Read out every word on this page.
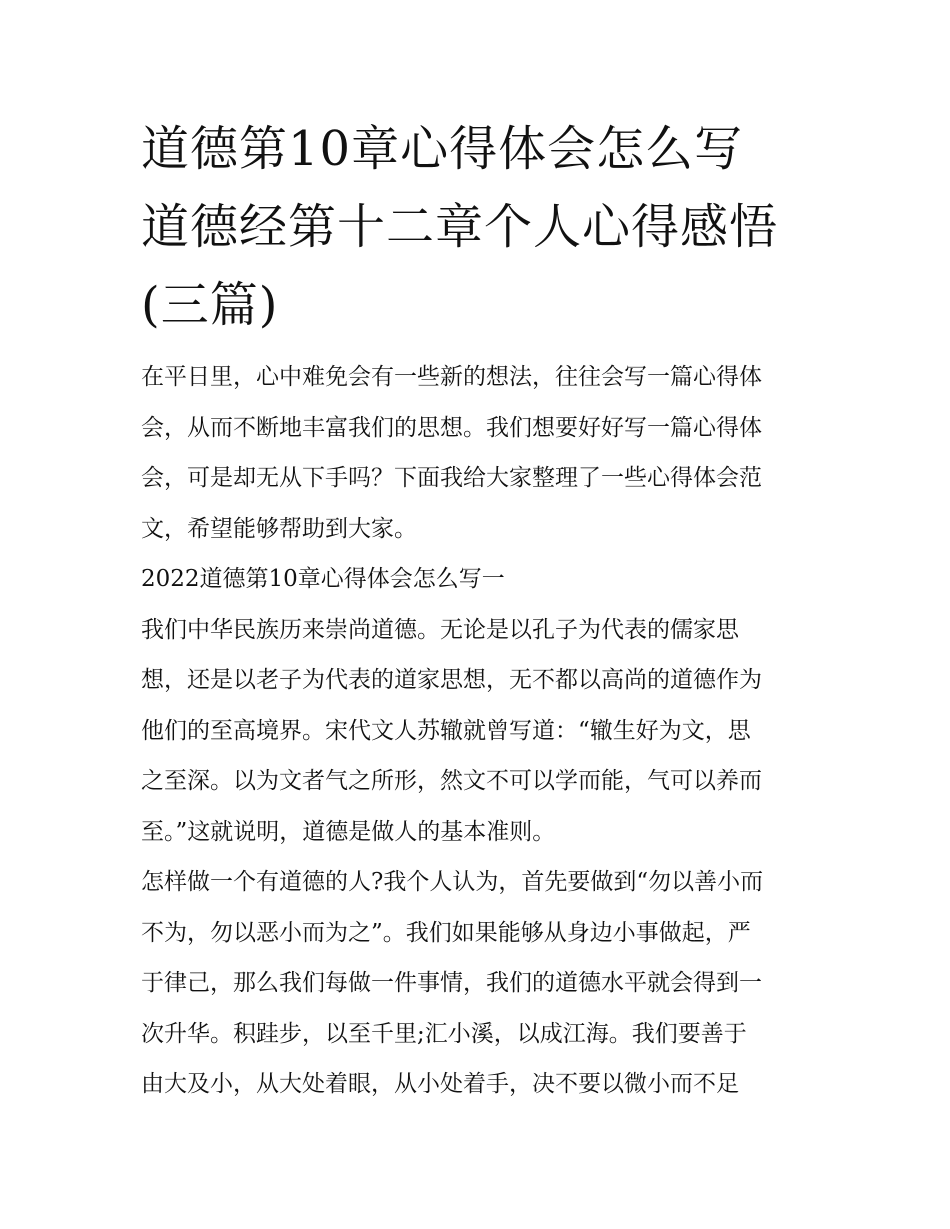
道德第10章心得体会怎么写
道德经第十二章个人心得感悟
(三篇)
在平日里，心中难免会有一些新的想法，往往会写一篇心得体
会，从而不断地丰富我们的思想。我们想要好好写一篇心得体
会，可是却无从下手吗？下面我给大家整理了一些心得体会范
文，希望能够帮助到大家。
2022道德第10章心得体会怎么写一
我们中华民族历来崇尚道德。无论是以孔子为代表的儒家思
想，还是以老子为代表的道家思想，无不都以高尚的道德作为
他们的至高境界。宋代文人苏辙就曾写道：“辙生好为文，思
之至深。以为文者气之所形，然文不可以学而能，气可以养而
至。”这就说明，道德是做人的基本准则。
怎样做一个有道德的人?我个人认为，首先要做到“勿以善小而
不为，勿以恶小而为之”。我们如果能够从身边小事做起，严
于律己，那么我们每做一件事情，我们的道德水平就会得到一
次升华。积跬步，以至千里;汇小溪，以成江海。我们要善于
由大及小，从大处着眼，从小处着手，决不要以微小而不足
